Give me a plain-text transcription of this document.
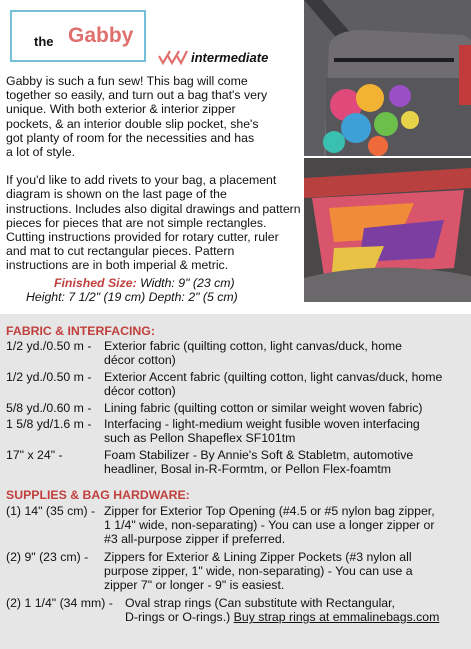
the Gabby
intermediate

Gabby is such a fun sew! This bag will come
together so easily, and turn out a bag that's very
unique. With both exterior & interior zipper
pockets, & an interior double slip pocket, she's
got planty of room for the necessities and has
a lot of style.

If you'd like to add rivets to your bag, a placement
diagram is shown on the last page of the
instructions. Includes also digital drawings and pattern
pieces for pieces that are not simple rectangles.
Cutting instructions provided for rotary cutter, ruler
and mat to cut rectangular pieces. Pattern
instructions are in both imperial & metric.

Finished Size: Width: 9" (23 cm)
Height: 7 1/2" (19 cm) Depth: 2" (5 cm)
FABRIC & INTERFACING:
1/2 yd./0.50 m - Exterior fabric (quilting cotton, light canvas/duck, home
décor cotton)
1/2 yd./0.50 m - Exterior Accent fabric (quilting cotton, light canvas/duck, home
décor cotton)
5/8 yd./0.60 m - Lining fabric (quilting cotton or similar weight woven fabric)
1 5/8 yd/1.6 m - Interfacing - light-medium weight fusible woven interfacing
such as Pellon Shapeflex SF101tm
17" x 24" -	Foam Stabilizer - By Annie's Soft & Stabletm, automotive
headliner, Bosal in-R-Formtm, or Pellon Flex-foamtm
SUPPLIES & BAG HARDWARE:
(1) 14" (35 cm) - Zipper for Exterior Top Opening (#4.5 or #5 nylon bag zipper,
1 1/4" wide, non-separating) - You can use a longer zipper or
#3 all-purpose zipper if preferred.
(2) 9" (23 cm) - Zippers for Exterior & Lining Zipper Pockets (#3 nylon all
purpose zipper, 1" wide, non-separating) - You can use a
zipper 7" or longer - 9" is easiest.
(2) 1 1/4" (34 mm) - Oval strap rings (Can substitute with Rectangular,
D-rings or O-rings.) Buy strap rings at emmalinebags.com
